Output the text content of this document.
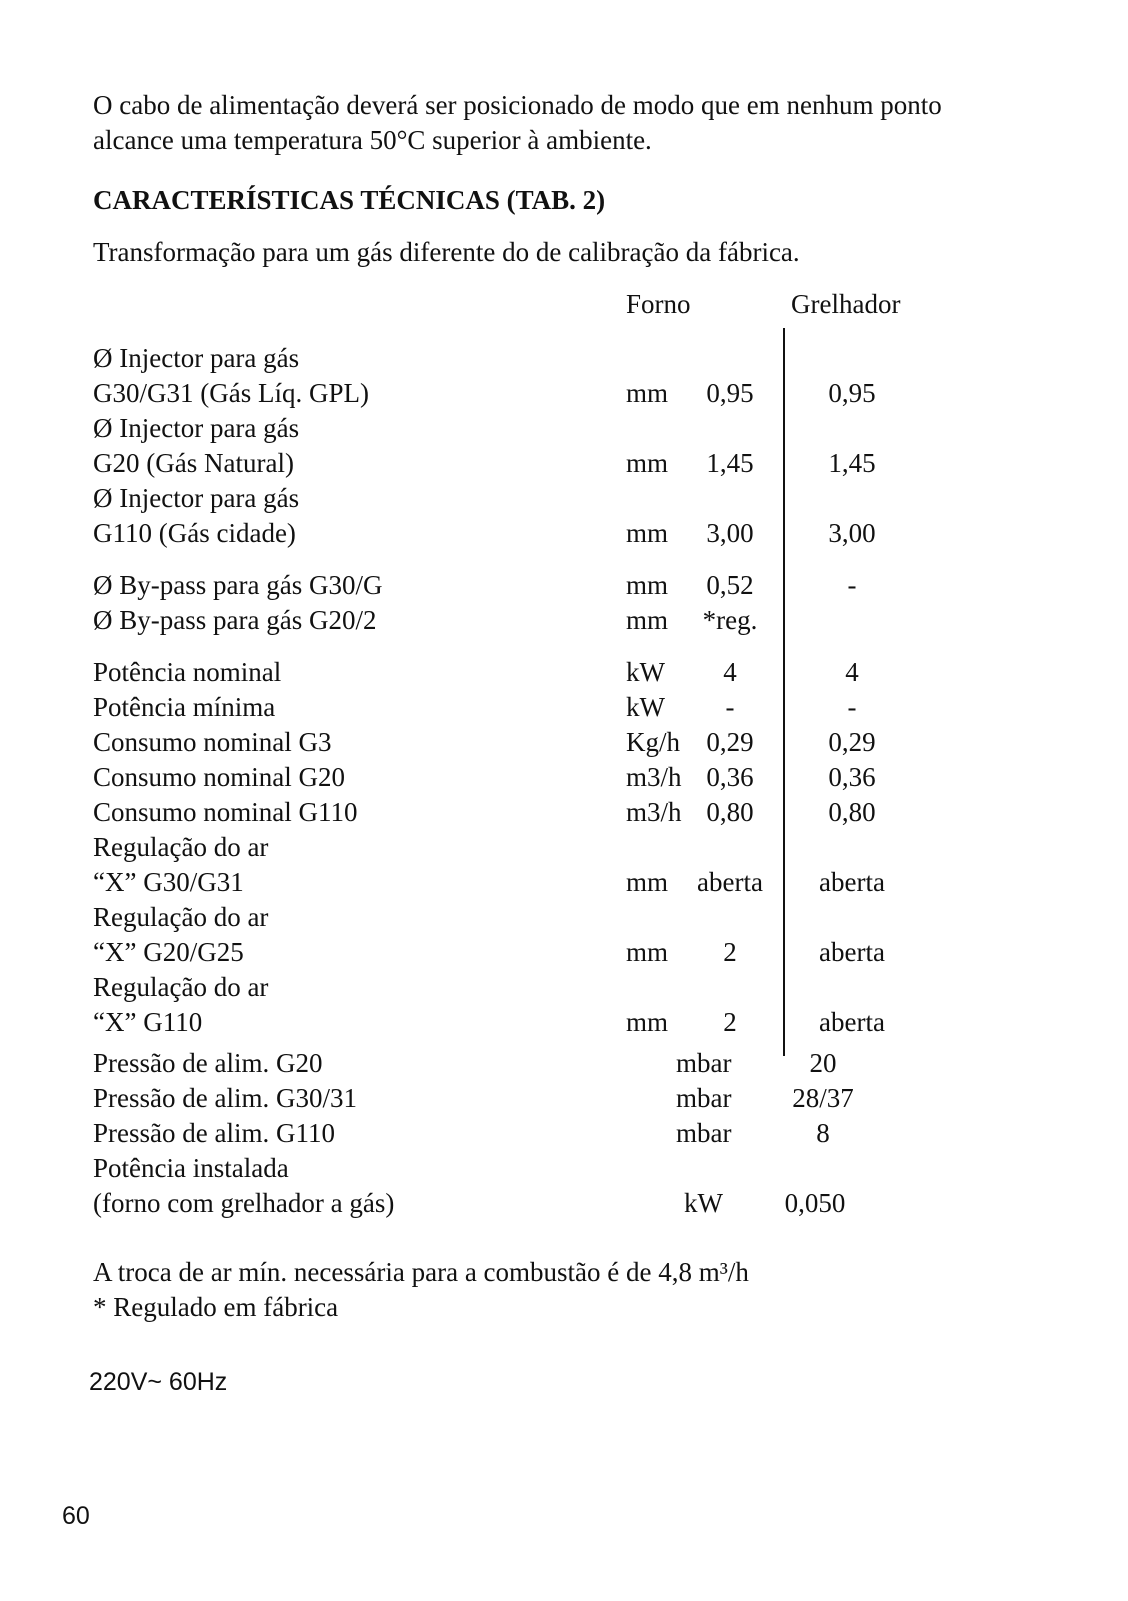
O cabo de alimentação deverá ser posicionado de modo que em nenhum ponto alcance uma temperatura 50°C superior à ambiente.
CARACTERÍSTICAS TÉCNICAS (TAB. 2)
Transformação para um gás diferente do de calibração da fábrica.
Forno	Grelhador
Ø Injector para gás
G30/G31 (Gás Líq. GPL)	mm	0,95	0,95
Ø Injector para gás
G20 (Gás Natural)	mm	1,45	1,45
Ø Injector para gás
G110 (Gás cidade)	mm	3,00	3,00
Ø By-pass para gás G30/G	mm	0,52	-
Ø By-pass para gás G20/2	mm	*reg.
Potência nominal	kW	4	4
Potência mínima	kW	-	-
Consumo nominal G3	Kg/h 0,29	0,29
Consumo nominal G20	m3/h 0,36	0,36
Consumo nominal G110	m3/h 0,80	0,80
Regulação do ar
“X” G30/G31	mm aberta	aberta
Regulação do ar
“X” G20/G25	mm	2	aberta
Regulação do ar
“X” G110	mm	2	aberta
Pressão de alim. G20	mbar	20
Pressão de alim. G30/31	mbar	28/37
Pressão de alim. G110	mbar	8
Potência instalada
(forno com grelhador a gás)	kW	0,050
A troca de ar mín. necessária para a combustão é de 4,8 m³/h
* Regulado em fábrica
220V~ 60Hz
60
